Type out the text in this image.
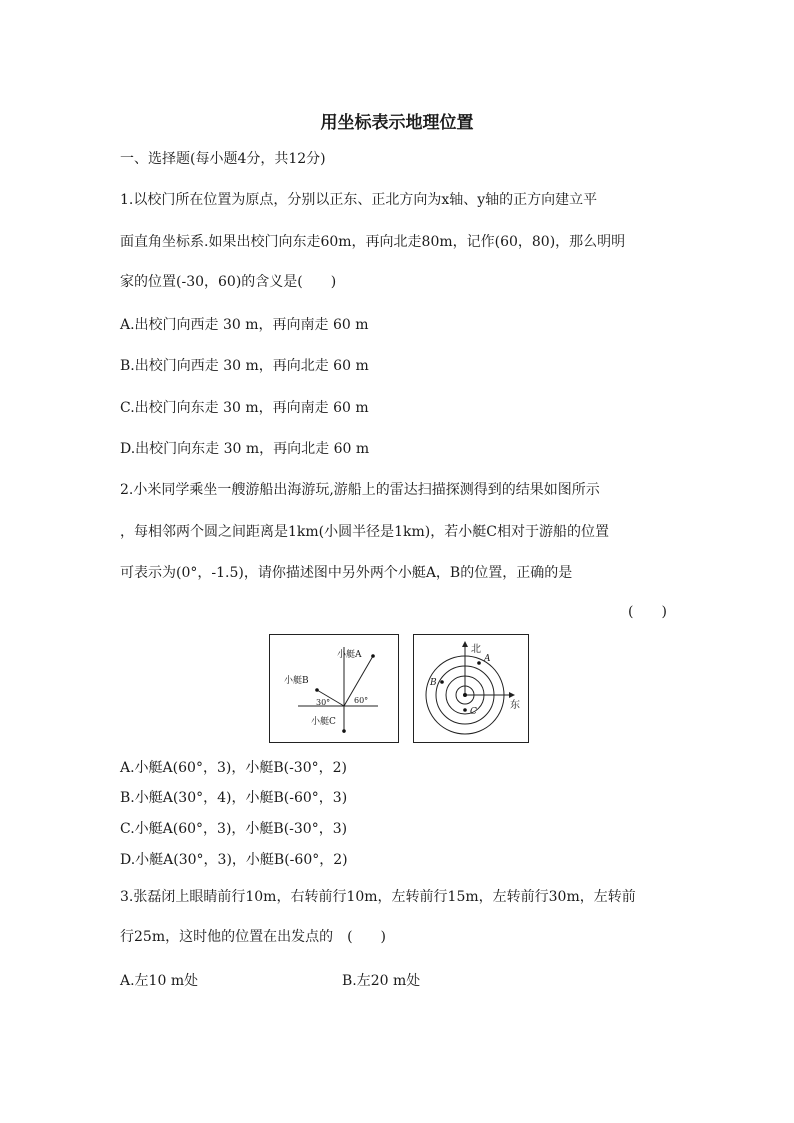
用坐标表示地理位置
一、选择题(每小题4分，共12分)
1.以校门所在位置为原点，分别以正东、正北方向为x轴、y轴的正方向建立平
面直角坐标系.如果出校门向东走60m，再向北走80m，记作(60，80)，那么明明
家的位置(-30，60)的含义是(　　)
A.出校门向西走 30 m，再向南走 60 m
B.出校门向西走 30 m，再向北走 60 m
C.出校门向东走 30 m，再向南走 60 m
D.出校门向东走 30 m，再向北走 60 m
2.小米同学乘坐一艘游船出海游玩,游船上的雷达扫描探测得到的结果如图所示
，每相邻两个圆之间距离是1km(小圆半径是1km)，若小艇C相对于游船的位置
可表示为(0°，-1.5)，请你描述图中另外两个小艇A，B的位置，正确的是
(　　)
小艇A
小艇B
小艇C
30°	60°
北
东
A
B
C
A.小艇A(60°，3)，小艇B(-30°，2)
B.小艇A(30°，4)，小艇B(-60°，3)
C.小艇A(60°，3)，小艇B(-30°，3)
D.小艇A(30°，3)，小艇B(-60°，2)
3.张磊闭上眼睛前行10m，右转前行10m，左转前行15m，左转前行30m，左转前
行25m，这时他的位置在出发点的　(　　)
A.左10 m处	B.左20 m处
